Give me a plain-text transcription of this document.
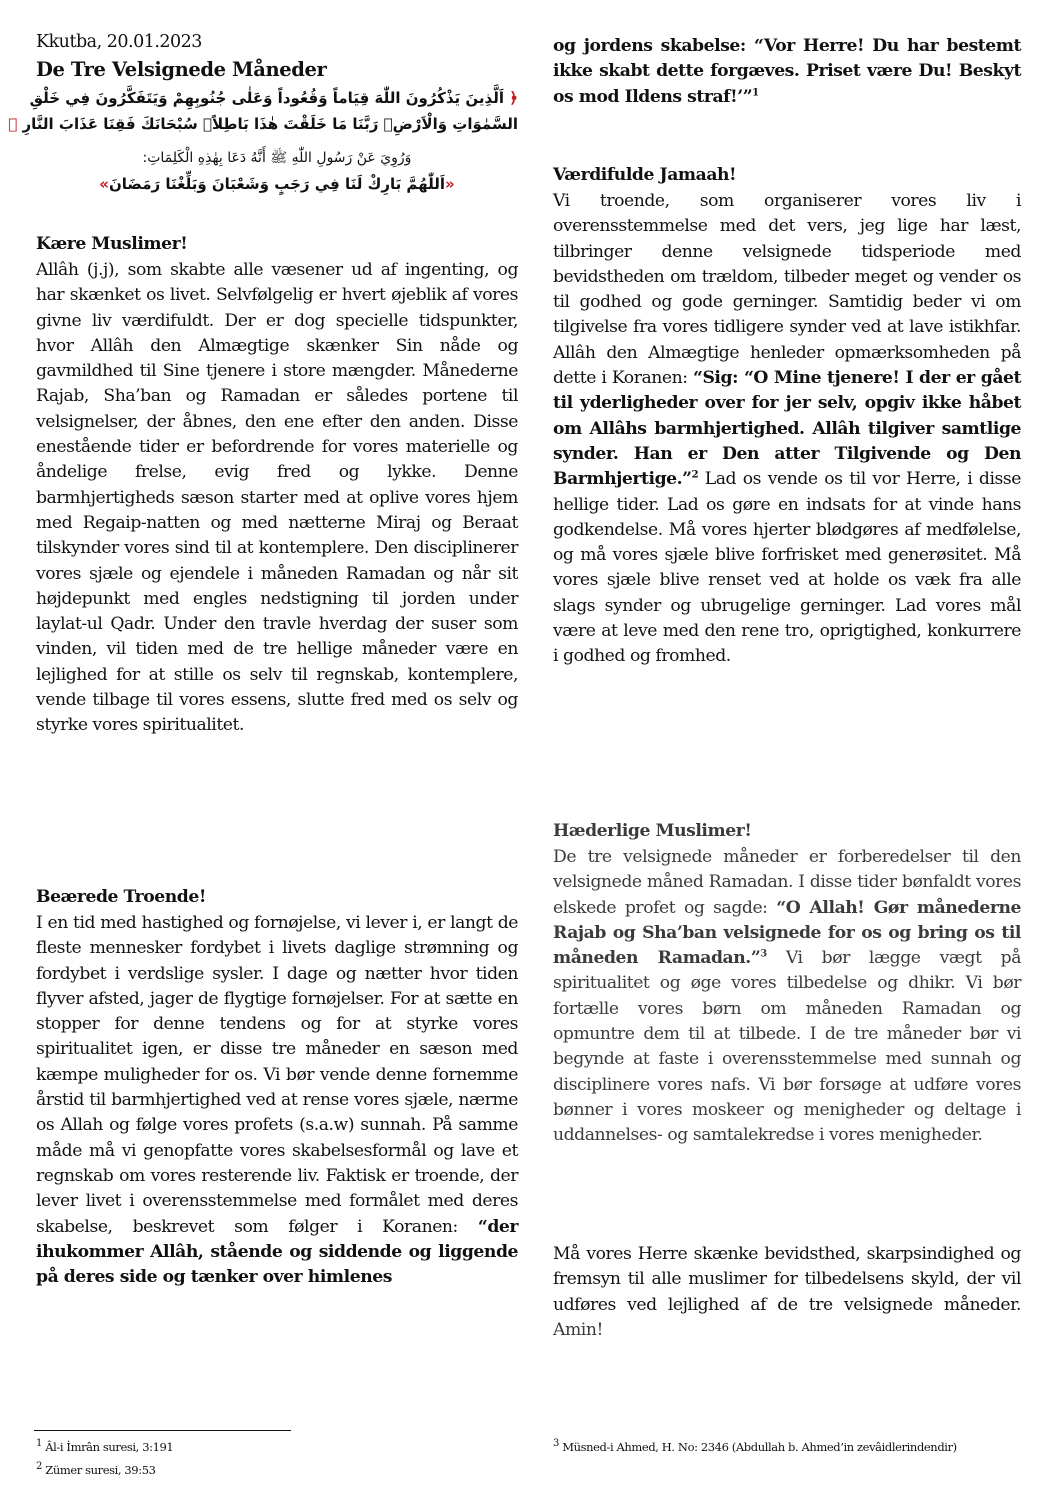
Kkutba, 20.01.2023
De Tre Velsignede Måneder
﴿ اَلَّذِينَ يَذْكُرُونَ اللّٰهَ قِيَاماً وَقُعُوداً وَعَلٰى جُنُوبِهِمْ وَيَتَفَكَّرُونَ فِي خَلْقِ
السَّمٰوَاتِ وَالْاَرْضِۚ رَبَّنَا مَا خَلَقْتَ هٰذَا بَاطِلاًۚ سُبْحَانَكَ فَقِنَا عَذَابَ النَّارِ ﴾
وَرُوِيَ عَنْ رَسُولِ اللّٰهِ ﷺ أَنَّهُ دَعَا بِهٰذِهِ الْكَلِمَاتِ:
«اَللّٰهُمَّ بَارِكْ لَنَا فِي رَجَبٍ وَشَعْبَانَ وَبَلِّغْنَا رَمَضَانَ»

Kære Muslimer!

Allâh (j.j), som skabte alle væsener ud af ingenting, og har skænket os livet. Selvfølgelig er hvert øjeblik af vores givne liv værdifuldt. Der er dog specielle tidspunkter, hvor Allâh den Almægtige skænker Sin nåde og gavmildhed til Sine tjenere i store mængder. Månederne Rajab, Sha’ban og Ramadan er således portene til velsignelser, der åbnes, den ene efter den anden. Disse enestående tider er befordrende for vores materielle og åndelige frelse, evig fred og lykke. Denne barmhjertigheds sæson starter med at oplive vores hjem med Regaip-natten og med nætterne Miraj og Beraat tilskynder vores sind til at kontemplere. Den disciplinerer vores sjæle og ejendele i måneden Ramadan og når sit højdepunkt med engles nedstigning til jorden under laylat-ul Qadr. Under den travle hverdag der suser som vinden, vil tiden med de tre hellige måneder være en lejlighed for at stille os selv til regnskab, kontemplere, vende tilbage til vores essens, slutte fred med os selv og styrke vores spiritualitet.

Beærede Troende!

I en tid med hastighed og fornøjelse, vi lever i, er langt de fleste mennesker fordybet i livets daglige strømning og fordybet i verdslige sysler. I dage og nætter hvor tiden flyver afsted, jager de flygtige fornøjelser. For at sætte en stopper for denne tendens og for at styrke vores spiritualitet igen, er disse tre måneder en sæson med kæmpe muligheder for os. Vi bør vende denne fornemme årstid til barmhjertighed ved at rense vores sjæle, nærme os Allah og følge vores profets (s.a.w) sunnah. På samme måde må vi genopfatte vores skabelsesformål og lave et regnskab om vores resterende liv. Faktisk er troende, der lever livet i overensstemmelse med formålet med deres skabelse, beskrevet som følger i Koranen: “der ihukommer Allâh, stående og siddende og liggende på deres side og tænker over himlenes

og jordens skabelse: “Vor Herre! Du har bestemt ikke skabt dette forgæves. Priset være Du! Beskyt os mod Ildens straf!’”$^1$

Værdifulde Jamaah!

Vi troende, som organiserer vores liv i overensstemmelse med det vers, jeg lige har læst, tilbringer denne velsignede tidsperiode med bevidstheden om trældom, tilbeder meget og vender os til godhed og gode gerninger. Samtidig beder vi om tilgivelse fra vores tidligere synder ved at lave istikhfar. Allâh den Almægtige henleder opmærksomheden på dette i Koranen: “Sig: “O Mine tjenere! I der er gået til yderligheder over for jer selv, opgiv ikke håbet om Allâhs barmhjertighed. Allâh tilgiver samtlige synder. Han er Den atter Tilgivende og Den Barmhjertige.”$^2$ Lad os vende os til vor Herre, i disse hellige tider. Lad os gøre en indsats for at vinde hans godkendelse. Må vores hjerter blødgøres af medfølelse, og må vores sjæle blive forfrisket med generøsitet. Må vores sjæle blive renset ved at holde os væk fra alle slags synder og ubrugelige gerninger. Lad vores mål være at leve med den rene tro, oprigtighed, konkurrere i godhed og fromhed.

Hæderlige Muslimer!

De tre velsignede måneder er forberedelser til den velsignede måned Ramadan. I disse tider bønfaldt vores elskede profet og sagde: “O Allah! Gør månederne Rajab og Sha’ban velsignede for os og bring os til måneden Ramadan.”$^3$ Vi bør lægge vægt på spiritualitet og øge vores tilbedelse og dhikr. Vi bør fortælle vores børn om måneden Ramadan og opmuntre dem til at tilbede. I de tre måneder bør vi begynde at faste i overensstemmelse med sunnah og disciplinere vores nafs. Vi bør forsøge at udføre vores bønner i vores moskeer og menigheder og deltage i uddannelses- og samtalekredse i vores menigheder.

Må vores Herre skænke bevidsthed, skarpsindighed og fremsyn til alle muslimer for tilbedelsens skyld, der vil udføres ved lejlighed af de tre velsignede måneder. Amin!

$^1$ Âl-i İmrân suresi, 3:191
$^2$ Zümer suresi, 39:53
$^3$ Müsned-i Ahmed, H. No: 2346 (Abdullah b. Ahmed’in zevâidlerindendir)
